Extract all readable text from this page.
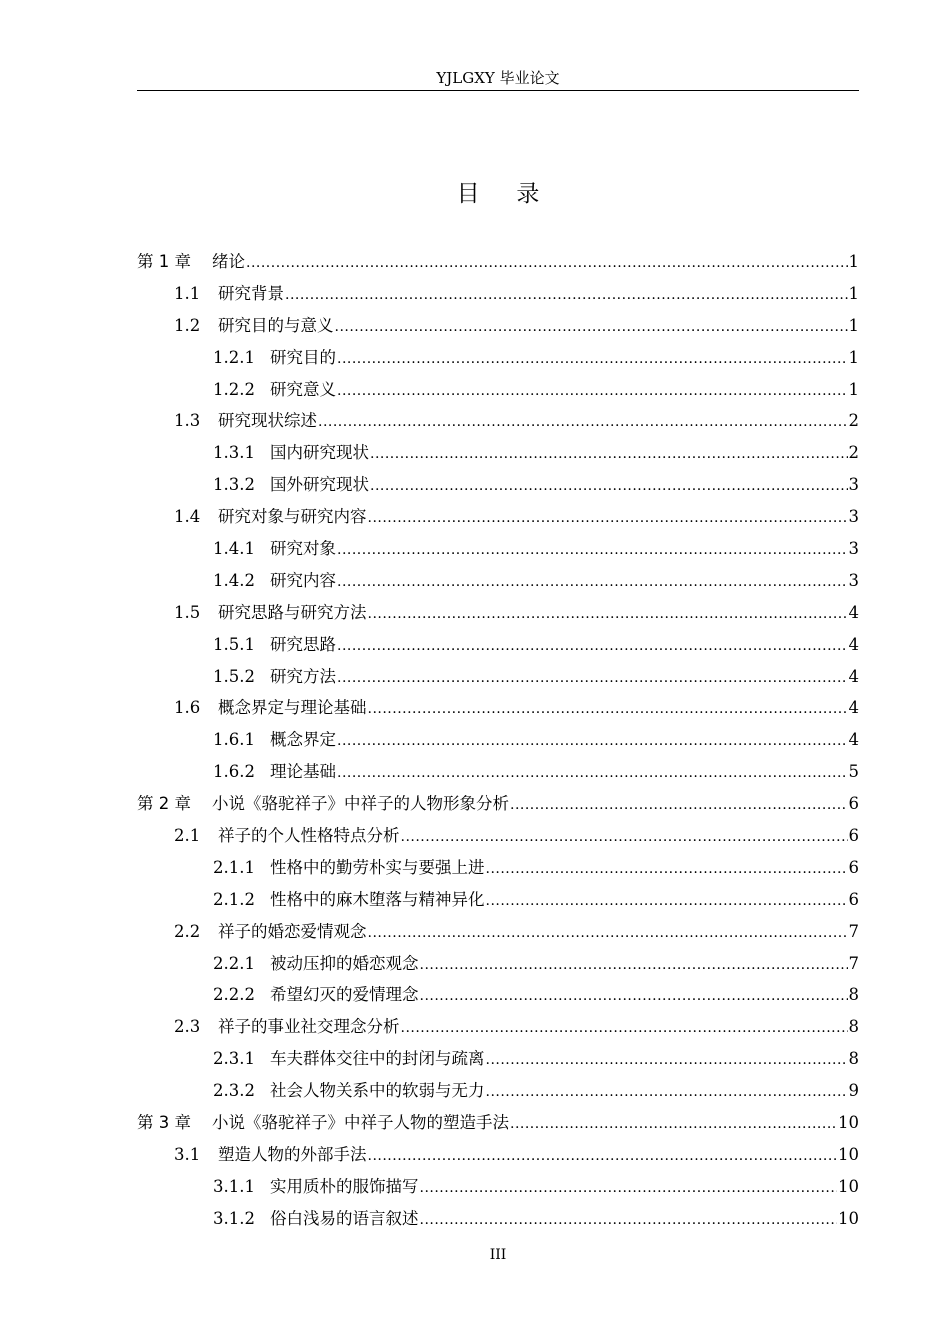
YJLGXY 毕业论文
目录
第 1 章	绪论 .....	1
1.1	研究背景 .....	1
1.2	研究目的与意义 .....	1
1.2.1 研究目的 .....	1
1.2.2 研究意义 .....	1
1.3	研究现状综述 .....	2
1.3.1 国内研究现状 .....	2
1.3.2 国外研究现状 .....	3
1.4	研究对象与研究内容 .....	3
1.4.1 研究对象 .....	3
1.4.2 研究内容 .....	3
1.5	研究思路与研究方法 .....	4
1.5.1 研究思路 .....	4
1.5.2 研究方法 .....	4
1.6	概念界定与理论基础 .....	4
1.6.1 概念界定 .....	4
1.6.2 理论基础 .....	5
第 2 章	小说《骆驼祥子》中祥子的人物形象分析 .....	6
2.1	祥子的个人性格特点分析 .....	6
2.1.1 性格中的勤劳朴实与要强上进 .....	6
2.1.2 性格中的麻木堕落与精神异化 .....	6
2.2	祥子的婚恋爱情观念 .....	7
2.2.1 被动压抑的婚恋观念 .....	7
2.2.2 希望幻灭的爱情理念 .....	8
2.3	祥子的事业社交理念分析 .....	8
2.3.1 车夫群体交往中的封闭与疏离 .....	8
2.3.2 社会人物关系中的软弱与无力 .....	9
第 3 章	小说《骆驼祥子》中祥子人物的塑造手法 .....	10
3.1	塑造人物的外部手法 .....	10
3.1.1 实用质朴的服饰描写 .....	10
3.1.2 俗白浅易的语言叙述 .....	10
III
